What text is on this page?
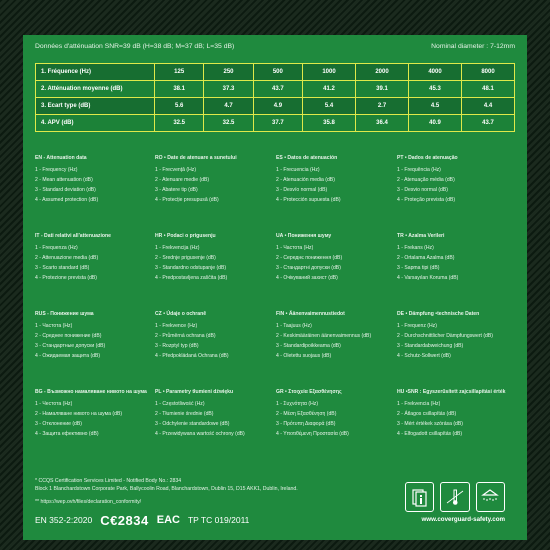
Données d'atténuation SNR=39 dB (H=38 dB; M=37 dB; L=35 dB)	Nominal diameter : 7-12mm
1. Fréquence (Hz)	125	250	500	1000	2000	4000	8000
2. Atténuation moyenne (dB)	38.1	37.3	43.7	41.2	39.1	45.3	48.1
3. Ecart type (dB)	5.6	4.7	4.9	5.4	2.7	4.5	4.4
4. APV (dB)	32.5	32.5	37.7	35.8	36.4	40.9	43.7
EN - Attenuation data
1 - Frequency (Hz)
2 - Mean attenuation (dB)
3 - Standard deviation (dB)
4 - Assumed protection (dB)
RO • Date de atenuare a sunetului
1 - Frecvență (Hz)
2 - Atenuare medie (dB)
3 - Abatere tip (dB)
4 - Protecție presupusă (dB)
ES • Datos de atenuación
1 - Frecuencia (Hz)
2 - Atenuación media (dB)
3 - Desvío normal (dB)
4 - Protección supuesta (dB)
PT • Dados de atenuação
1 - Frequência (Hz)
2 - Atenuação média (dB)
3 - Desvio normal (dB)
4 - Proteção prevista (dB)
IT - Dati relativi all'attenuazione
1 - Frequenza (Hz)
2 - Attenuazione media (dB)
3 - Scarto standard (dB)
4 - Protezione prevista (dB)
HR • Podaci o prigusenju
1 - Frekvencija (Hz)
2 - Srednje prigusenje (dB)
3 - Standardno odstupanje (dB)
4 - Predpostavljena zaščita (dB)
UA • Пониження шуму
1 - Частота (Hz)
2 - Середнє пониження (dB)
3 - Стандартні допуски (dB)
4 - Очікуваний захист (dB)
TR • Azalma Verileri
1 - Frekans (Hz)
2 - Ortalama Azalma (dB)
3 - Sapma tipi (dB)
4 - Varsayılan Koruma (dB)
RUS - Понижение шума
1 - Частота (Hz)
2 - Среднее понижение (dB)
3 - Стандартные допуски (dB)
4 - Ожидаемая защита (dB)
CZ • Údaje o ochraně
1 - Frekvence (Hz)
2 - Průměrná ochrana (dB)
3 - Rozptyl typ (dB)
4 - Předpokládaná Ochrana (dB)
FIN • Äänenvaimennustiedot
1 - Taajuus (Hz)
2 - Keskimääräinen äänenvaimennus (dB)
3 - Standardipoikkeama (dB)
4 - Oletettu suojaus (dB)
DE • Dämpfung •technische Daten
1 - Frequenz (Hz)
2 - Durchschnittlicher Dämpfungswert (dB)
3 - Standardabweichung (dB)
4 - Schutz-Sollwert (dB)
BG - Възможно намаляване нивото на шума
1 - Честота (Hz)
2 - Намаляване нивото на шума (dB)
3 - Отклонение (dB)
4 - Защита ефективно (dB)
PL • Parametry tłumieni dźwięku
1 - Częstotliwość (Hz)
2 - Tłumienie średnie (dB)
3 - Odchylenie standardowe (dB)
4 - Przewidywana wartość ochrony (dB)
GR • Στοιχεία Εξασθένησης
1 - Συχνότητα (Hz)
2 - Μέση Εξασθένηση (dB)
3 - Πρότυπη Διαφορά (dB)
4 - Υποτιθέμενη Προστασία (dB)
HU •SNR : Egyszerűsített zajcsillapítási érték
1 - Frekvencia (Hz)
2 - Átlagos csillapítás (dB)
3 - Mért értékek szórása (dB)
4 - Elfogadott csillapítás (dB)
* CCQS Certification Services Limited - Notified Body No.: 2834
Block 1 Blanchardstown Corporate Park, Ballycoolin Road, Blanchardstown, Dublin 15, D15 AKK1, Dublin, Ireland.
** https://wep.ovh/files/declaration_conformity/
EN 352-2:2020 C€2834 EAC TP TC 019/2011	www.coverguard-safety.com
